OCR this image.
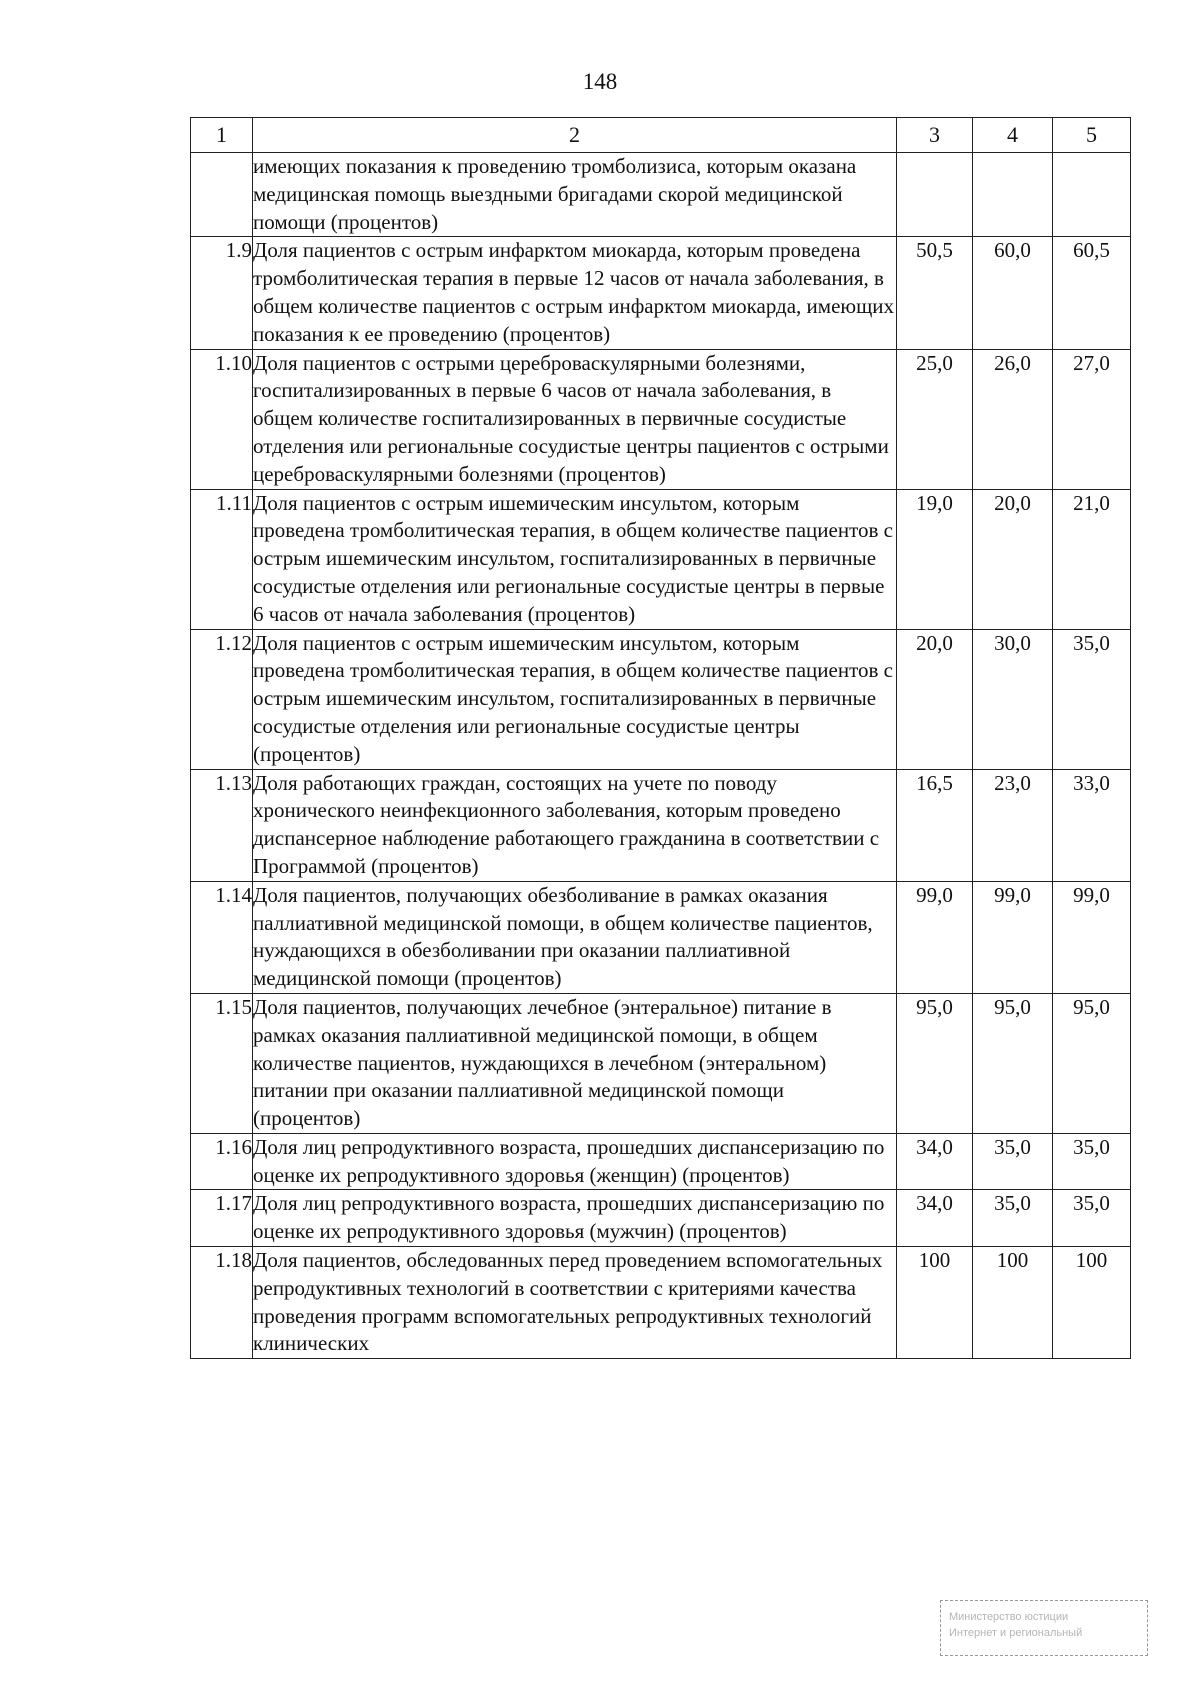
148
1	2	3	4	5
	имеющих показания к проведению тромболизиса, которым оказана медицинская помощь выездными бригадами скорой медицинской помощи (процентов)			
1.9	Доля пациентов с острым инфарктом миокарда, которым проведена тромболитическая терапия в первые 12 часов от начала заболевания, в общем количестве пациентов с острым инфарктом миокарда, имеющих показания к ее проведению (процентов)	50,5	60,0	60,5
1.10	Доля пациентов с острыми цереброваскулярными болезнями, госпитализированных в первые 6 часов от начала заболевания, в общем количестве госпитализированных в первичные сосудистые отделения или региональные сосудистые центры пациентов с острыми цереброваскулярными болезнями (процентов)	25,0	26,0	27,0
1.11	Доля пациентов с острым ишемическим инсультом, которым проведена тромболитическая терапия, в общем количестве пациентов с острым ишемическим инсультом, госпитализированных в первичные сосудистые отделения или региональные сосудистые центры в первые 6 часов от начала заболевания (процентов)	19,0	20,0	21,0
1.12	Доля пациентов с острым ишемическим инсультом, которым проведена тромболитическая терапия, в общем количестве пациентов с острым ишемическим инсультом, госпитализированных в первичные сосудистые отделения или региональные сосудистые центры (процентов)	20,0	30,0	35,0
1.13	Доля работающих граждан, состоящих на учете по поводу хронического неинфекционного заболевания, которым проведено диспансерное наблюдение работающего гражданина в соответствии с Программой (процентов)	16,5	23,0	33,0
1.14	Доля пациентов, получающих обезболивание в рамках оказания паллиативной медицинской помощи, в общем количестве пациентов, нуждающихся в обезболивании при оказании паллиативной медицинской помощи (процентов)	99,0	99,0	99,0
1.15	Доля пациентов, получающих лечебное (энтеральное) питание в рамках оказания паллиативной медицинской помощи, в общем количестве пациентов, нуждающихся в лечебном (энтеральном) питании при оказании паллиативной медицинской помощи (процентов)	95,0	95,0	95,0
1.16	Доля лиц репродуктивного возраста, прошедших диспансеризацию по оценке их репродуктивного здоровья (женщин) (процентов)	34,0	35,0	35,0
1.17	Доля лиц репродуктивного возраста, прошедших диспансеризацию по оценке их репродуктивного здоровья (мужчин) (процентов)	34,0	35,0	35,0
1.18	Доля пациентов, обследованных перед проведением вспомогательных репродуктивных технологий в соответствии с критериями качества проведения программ вспомогательных репродуктивных технологий клинических	100	100	100
Министерство юстиции
Интернет и региональный
